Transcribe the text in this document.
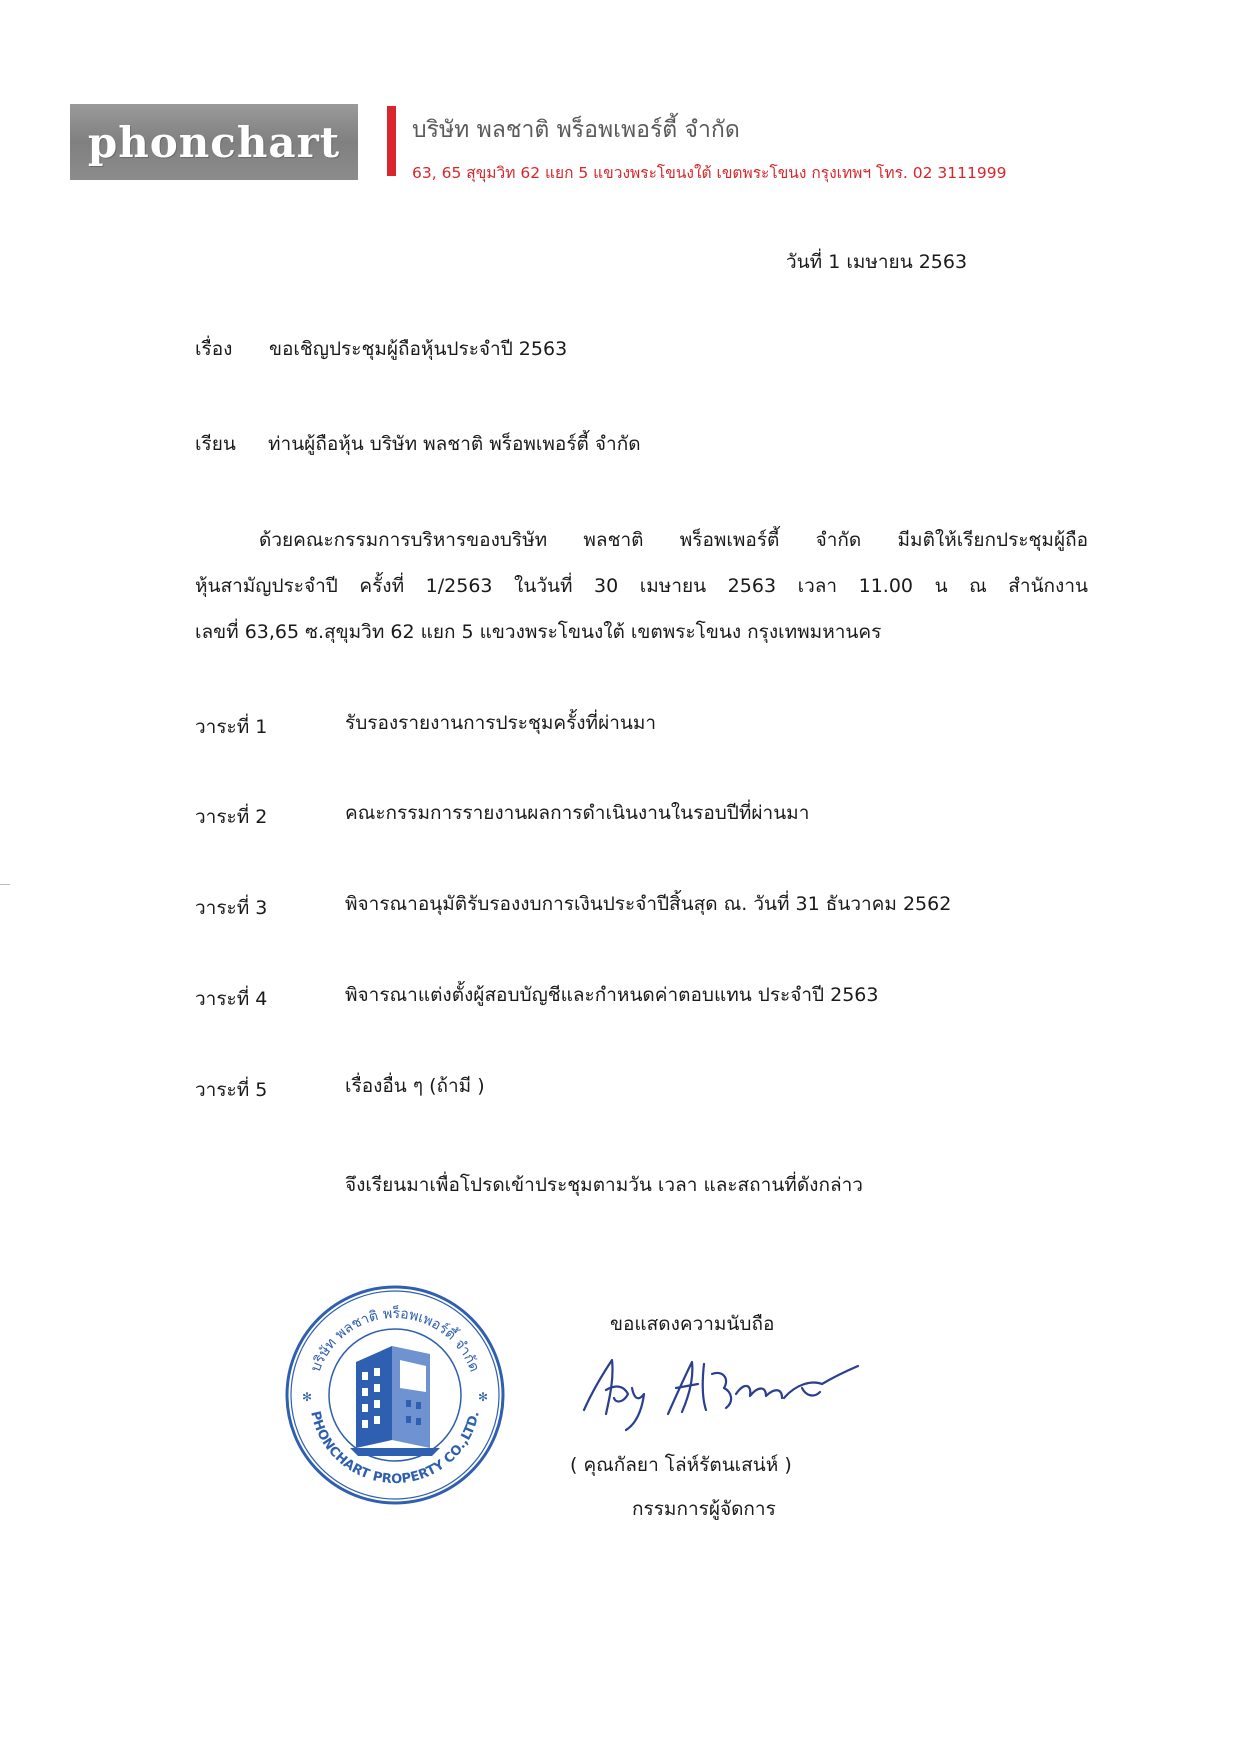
phonchart	บริษัท พลชาติ พร็อพเพอร์ตี้ จำกัด
63, 65 สุขุมวิท 62 แยก 5 แขวงพระโขนงใต้ เขตพระโขนง กรุงเทพฯ โทร. 02 3111999
วันที่ 1 เมษายน 2563
เรื่อง ขอเชิญประชุมผู้ถือหุ้นประจำปี 2563
เรียน ท่านผู้ถือหุ้น บริษัท พลชาติ พร็อพเพอร์ตี้ จำกัด
ด้วยคณะกรรมการบริหารของบริษัท พลชาติ พร็อพเพอร์ตี้ จำกัด มีมติให้เรียกประชุมผู้ถือ
หุ้นสามัญประจำปี ครั้งที่ 1/2563 ในวันที่ 30 เมษายน 2563 เวลา 11.00 น ณ สำนักงาน
เลขที่ 63,65 ซ.สุขุมวิท 62 แยก 5 แขวงพระโขนงใต้ เขตพระโขนง กรุงเทพมหานคร
วาระที่ 1	รับรองรายงานการประชุมครั้งที่ผ่านมา
วาระที่ 2	คณะกรรมการรายงานผลการดำเนินงานในรอบปีที่ผ่านมา
วาระที่ 3	พิจารณาอนุมัติรับรองงบการเงินประจำปีสิ้นสุด ณ. วันที่ 31 ธันวาคม 2562
วาระที่ 4	พิจารณาแต่งตั้งผู้สอบบัญชีและกำหนดค่าตอบแทน ประจำปี 2563
วาระที่ 5	เรื่องอื่น ๆ (ถ้ามี )
จึงเรียนมาเพื่อโปรดเข้าประชุมตามวัน เวลา และสถานที่ดังกล่าว
บริษัท พลชาติ พร็อพเพอร์ตี้ จำกัด
PHONCHART PROPERTY CO.,LTD.
✻	✻
ขอแสดงความนับถือ
( คุณกัลยา โล่ห์รัตนเสน่ห์ )
กรรมการผู้จัดการ
